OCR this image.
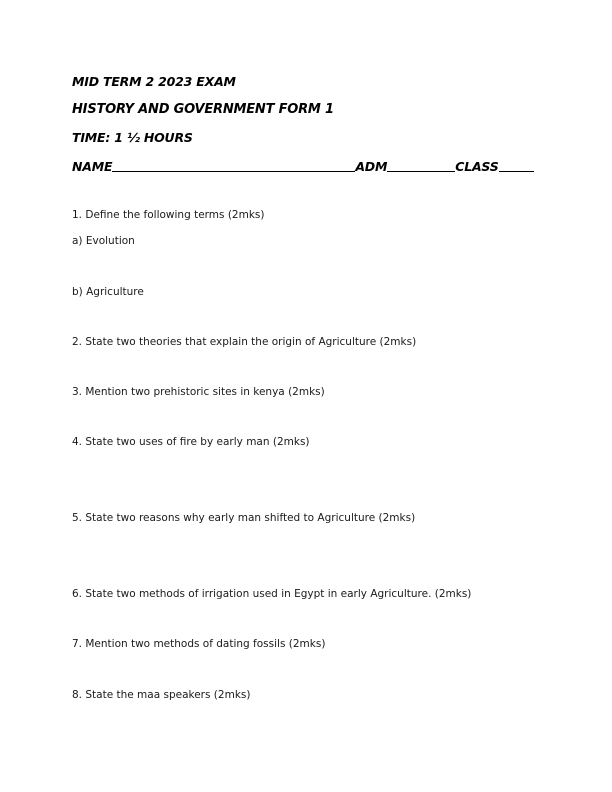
MID TERM 2 2023 EXAM
HISTORY AND GOVERNMENT FORM 1
TIME: 1 ½ HOURS
NAME	ADM	CLASS
1. Define the following terms (2mks)
a) Evolution
b) Agriculture
2. State two theories that explain the origin of Agriculture (2mks)
3. Mention two prehistoric sites in kenya (2mks)
4. State two uses of fire by early man (2mks)
5. State two reasons why early man shifted to Agriculture (2mks)
6. State two methods of irrigation used in Egypt in early Agriculture. (2mks)
7. Mention two methods of dating fossils (2mks)
8. State the maa speakers (2mks)
